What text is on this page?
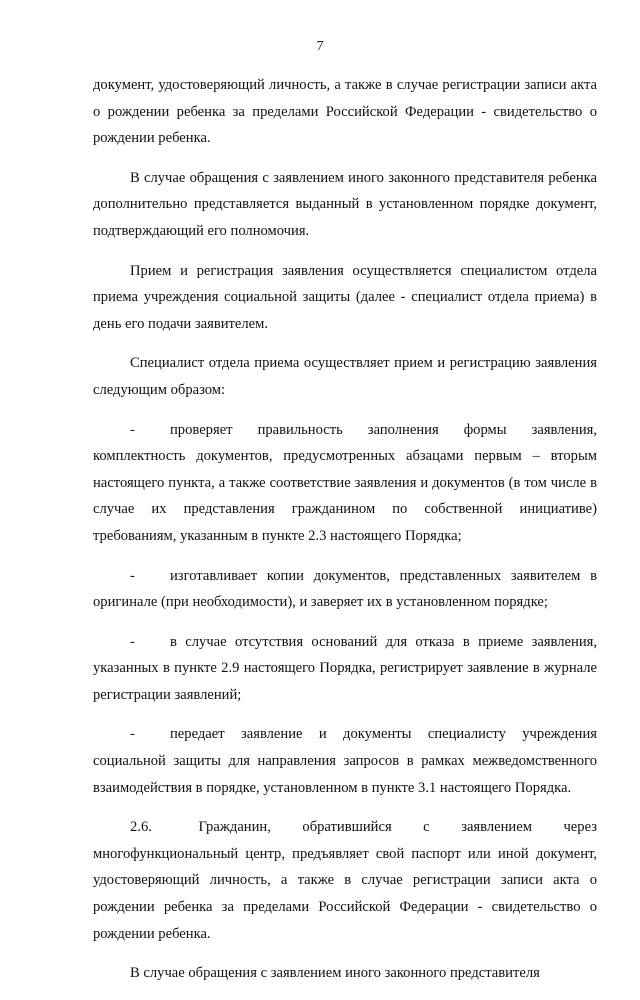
7

документ, удостоверяющий личность, а также в случае регистрации записи акта о рождении ребенка за пределами Российской Федерации - свидетельство о рождении ребенка.

В случае обращения с заявлением иного законного представителя ребенка дополнительно представляется выданный в установленном порядке документ, подтверждающий его полномочия.

Прием и регистрация заявления осуществляется специалистом отдела приема учреждения социальной защиты (далее - специалист отдела приема) в день его подачи заявителем.

Специалист отдела приема осуществляет прием и регистрацию заявления следующим образом:

- проверяет правильность заполнения формы заявления, комплектность документов, предусмотренных абзацами первым – вторым настоящего пункта, а также соответствие заявления и документов (в том числе в случае их представления гражданином по собственной инициативе) требованиям, указанным в пункте 2.3 настоящего Порядка;

- изготавливает копии документов, представленных заявителем в оригинале (при необходимости), и заверяет их в установленном порядке;

- в случае отсутствия оснований для отказа в приеме заявления, указанных в пункте 2.9 настоящего Порядка, регистрирует заявление в журнале регистрации заявлений;

- передает заявление и документы специалисту учреждения социальной защиты для направления запросов в рамках межведомственного взаимодействия в порядке, установленном в пункте 3.1 настоящего Порядка.

2.6.	Гражданин, обратившийся с заявлением через многофункциональный центр, предъявляет свой паспорт или иной документ, удостоверяющий личность, а также в случае регистрации записи акта о рождении ребенка за пределами Российской Федерации - свидетельство о рождении ребенка.

В случае обращения с заявлением иного законного представителя
